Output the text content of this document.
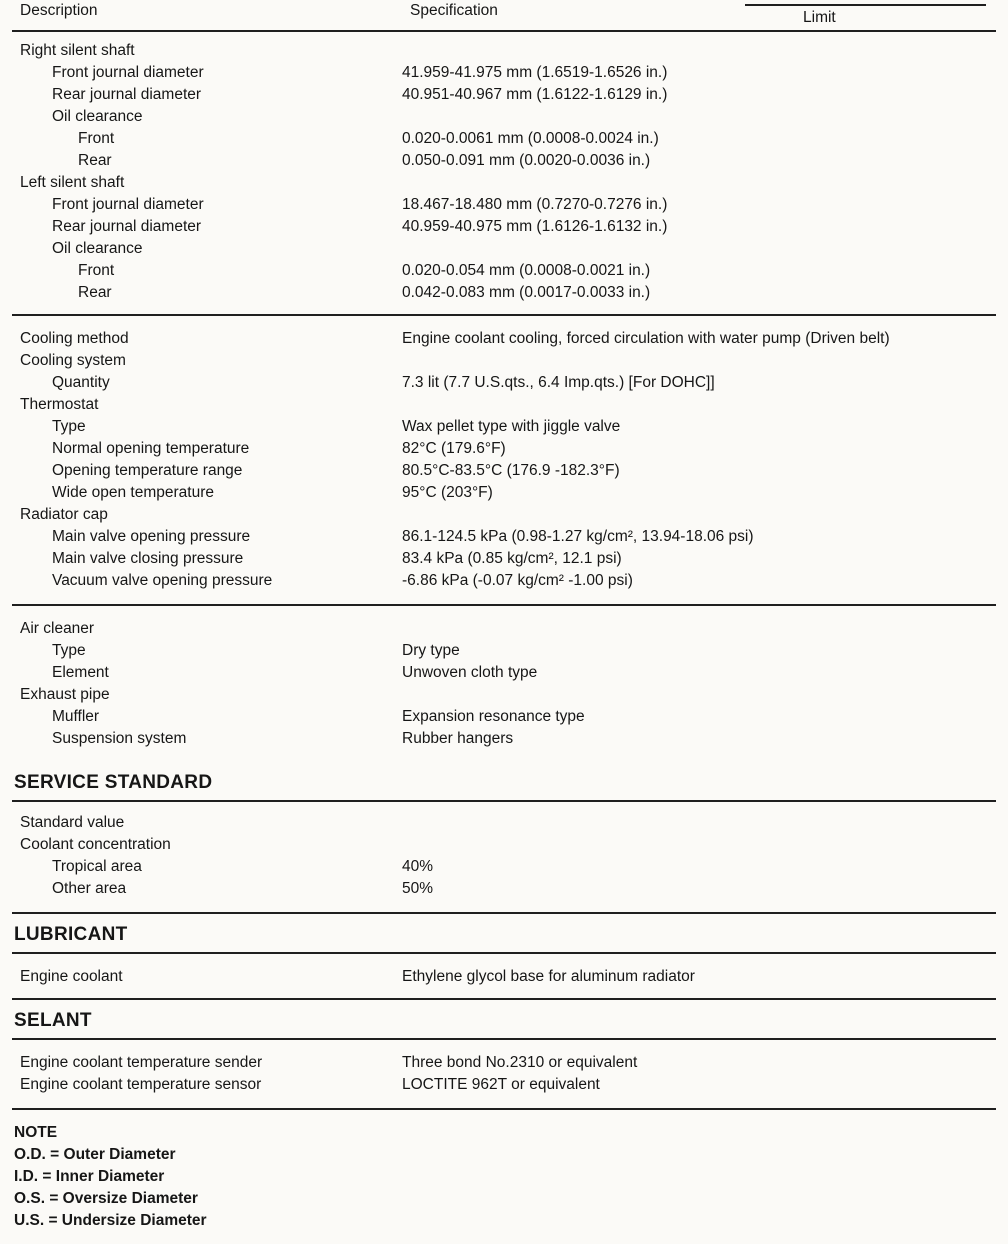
Description	Specification	Limit
Right silent shaft
Front journal diameter	41.959-41.975 mm (1.6519-1.6526 in.)
Rear journal diameter	40.951-40.967 mm (1.6122-1.6129 in.)
Oil clearance
Front	0.020-0.0061 mm (0.0008-0.0024 in.)
Rear	0.050-0.091 mm (0.0020-0.0036 in.)
Left silent shaft
Front journal diameter	18.467-18.480 mm (0.7270-0.7276 in.)
Rear journal diameter	40.959-40.975 mm (1.6126-1.6132 in.)
Oil clearance
Front	0.020-0.054 mm (0.0008-0.0021 in.)
Rear	0.042-0.083 mm (0.0017-0.0033 in.)
Cooling method	Engine coolant cooling, forced circulation with water pump (Driven belt)
Cooling system
Quantity	7.3 lit (7.7 U.S.qts., 6.4 Imp.qts.) [For DOHC]]
Thermostat
Type	Wax pellet type with jiggle valve
Normal opening temperature	82°C (179.6°F)
Opening temperature range	80.5°C-83.5°C (176.9 -182.3°F)
Wide open temperature	95°C (203°F)
Radiator cap
Main valve opening pressure	86.1-124.5 kPa (0.98-1.27 kg/cm², 13.94-18.06 psi)
Main valve closing pressure	83.4 kPa (0.85 kg/cm², 12.1 psi)
Vacuum valve opening pressure	-6.86 kPa (-0.07 kg/cm² -1.00 psi)
Air cleaner
Type	Dry type
Element	Unwoven cloth type
Exhaust pipe
Muffler	Expansion resonance type
Suspension system	Rubber hangers
SERVICE STANDARD
Standard value
Coolant concentration
Tropical area	40%
Other area	50%
LUBRICANT
Engine coolant	Ethylene glycol base for aluminum radiator
SELANT
Engine coolant temperature sender	Three bond No.2310 or equivalent
Engine coolant temperature sensor	LOCTITE 962T or equivalent
NOTE
O.D. = Outer Diameter
I.D. = Inner Diameter
O.S. = Oversize Diameter
U.S. = Undersize Diameter
